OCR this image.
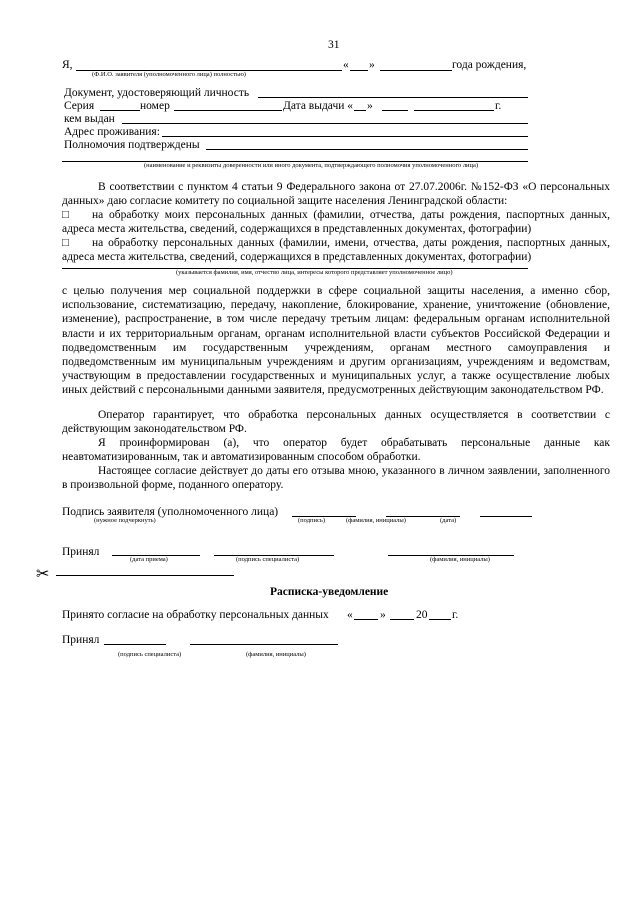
31
Я,	« »	года рождения,
(Ф.И.О. заявителя (уполномоченного лица) полностью)
Документ, удостоверяющий личность
Серия	номер	Дата выдачи « »	г.
кем выдан
Адрес проживания:
Полномочия подтверждены
(наименование и реквизиты доверенности или иного документа, подтверждающего полномочия уполномоченного лица)
В соответствии с пунктом 4 статьи 9 Федерального закона от 27.07.2006г. №152-ФЗ «О персональных данных» даю согласие комитету по социальной защите населения Ленинградской области:
□ на обработку моих персональных данных (фамилии, отчества, даты рождения, паспортных данных, адреса места жительства, сведений, содержащихся в представленных документах, фотографии)
□ на обработку персональных данных (фамилии, имени, отчества, даты рождения, паспортных данных, адреса места жительства, сведений, содержащихся в представленных документах, фотографии)
(указывается фамилия, имя, отчество лица, интересы которого представляет уполномоченное лицо)
с целью получения мер социальной поддержки в сфере социальной защиты населения, а именно сбор, использование, систематизацию, передачу, накопление, блокирование, хранение, уничтожение (обновление, изменение), распространение, в том числе передачу третьим лицам: федеральным органам исполнительной власти и их территориальным органам, органам исполнительной власти субъектов Российской Федерации и подведомственным им государственным учреждениям, органам местного самоуправления и подведомственным им муниципальным учреждениям и другим организациям, учреждениям и ведомствам, участвующим в предоставлении государственных и муниципальных услуг, а также осуществление любых иных действий с персональными данными заявителя, предусмотренных действующим законодательством РФ.
Оператор гарантирует, что обработка персональных данных осуществляется в соответствии с действующим законодательством РФ.
Я проинформирован (а), что оператор будет обрабатывать персональные данные как неавтоматизированным, так и автоматизированным способом обработки.
Настоящее согласие действует до даты его отзыва мною, указанного в личном заявлении, заполненного в произвольной форме, поданного оператору.
Подпись заявителя (уполномоченного лица)
(нужное подчеркнуть)	(подпись)	(фамилия, инициалы)	(дата)
Принял
(дата приема)	(подпись специалиста)	(фамилия, инициалы)
✂
Расписка-уведомление
Принято согласие на обработку персональных данных « »	20 г.
Принял
(подпись специалиста)	(фамилия, инициалы)
